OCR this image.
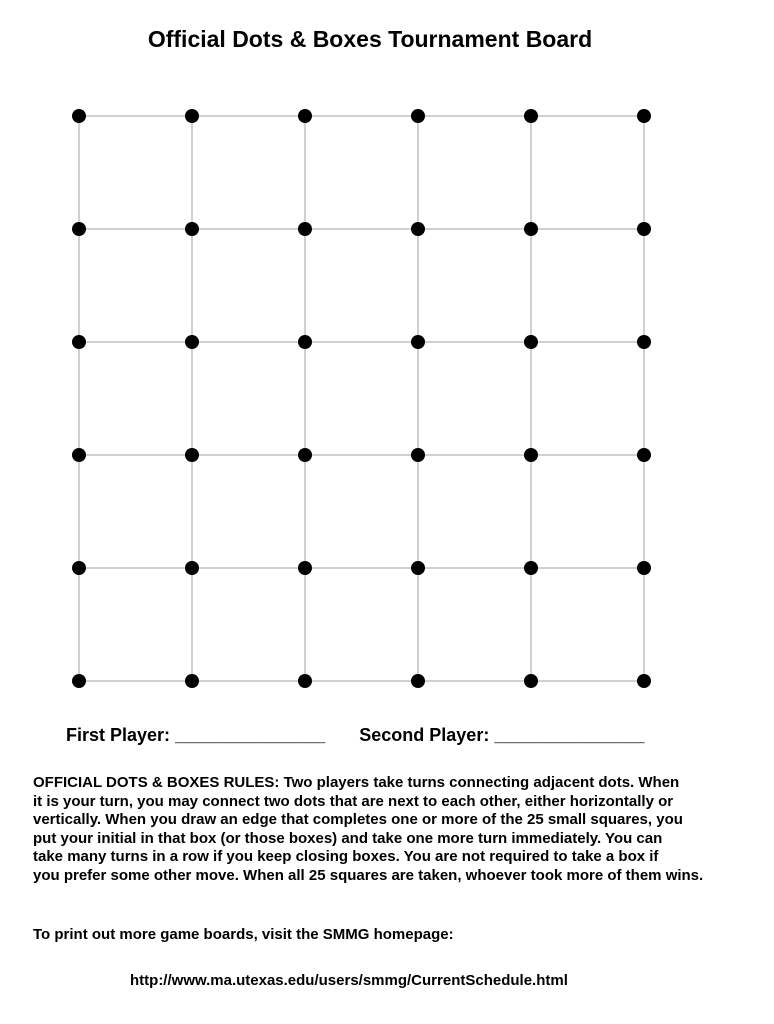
Official Dots & Boxes Tournament Board
First Player: _______________ Second Player: _______________
OFFICIAL DOTS & BOXES RULES: Two players take turns connecting adjacent dots. When
it is your turn, you may connect two dots that are next to each other, either horizontally or
vertically. When you draw an edge that completes one or more of the 25 small squares, you
put your initial in that box (or those boxes) and take one more turn immediately. You can
take many turns in a row if you keep closing boxes. You are not required to take a box if
you prefer some other move. When all 25 squares are taken, whoever took more of them wins.
To print out more game boards, visit the SMMG homepage:
http://www.ma.utexas.edu/users/smmg/CurrentSchedule.html
